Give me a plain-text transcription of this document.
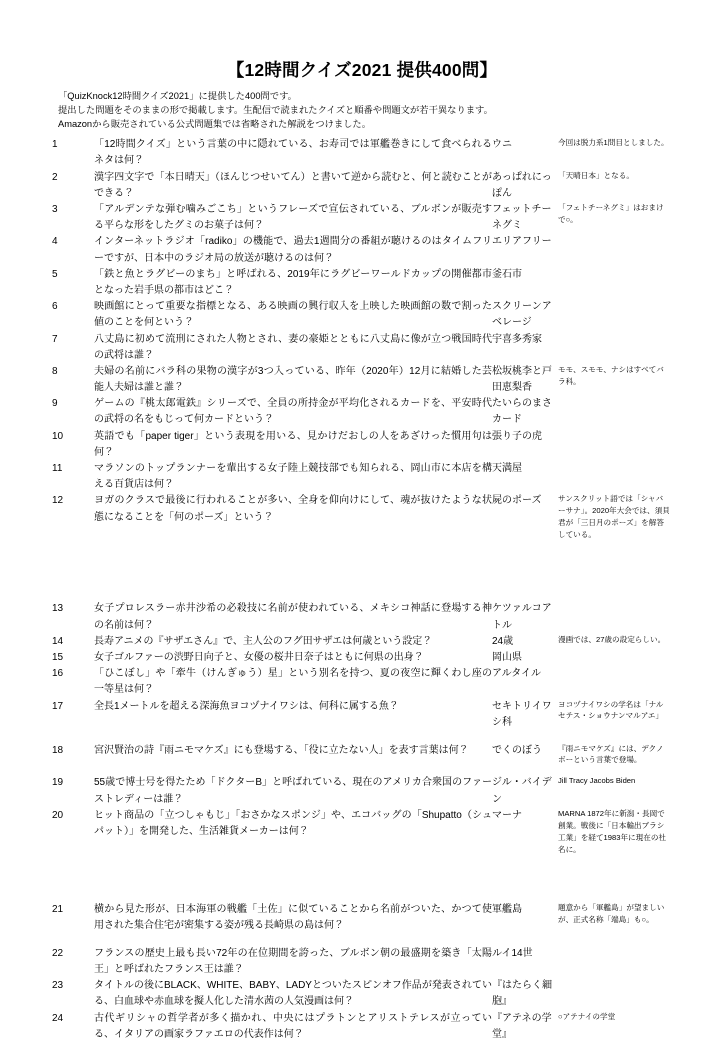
【12時間クイズ2021 提供400問】
「QuizKnock12時間クイズ2021」に提供した400問です。
提出した問題をそのままの形で掲載します。生配信で読まれたクイズと順番や問題文が若干異なります。
Amazonから販売されている公式問題集では省略された解説をつけました。
1	「12時間クイズ」という言葉の中に隠れている、お寿司では軍艦巻きにして食べられるネタは何？	ウニ	今回は脱力系1問目としました。
2	漢字四文字で「本日晴天」（ほんじつせいてん）と書いて逆から読むと、何と読むことができる？	あっぱれにっぽん	「天晴日本」となる。
3	「アルデンテな弾む噛みごこち」というフレーズで宣伝されている、ブルボンが販売する平らな形をしたグミのお菓子は何？	フェットチーネグミ	「フェトチーネグミ」はおまけで○。
4	インターネットラジオ「radiko」の機能で、過去1週間分の番組が聴けるのはタイムフリーですが、日本中のラジオ局の放送が聴けるのは何？	エリアフリー	
5	「鉄と魚とラグビーのまち」と呼ばれる、2019年にラグビーワールドカップの開催都市となった岩手県の都市はどこ？	釜石市	
6	映画館にとって重要な指標となる、ある映画の興行収入を上映した映画館の数で割った値のことを何という？	スクリーンアベレージ	
7	八丈島に初めて流刑にされた人物とされ、妻の豪姫とともに八丈島に像が立つ戦国時代の武将は誰？	宇喜多秀家	
8	夫婦の名前にバラ科の果物の漢字が3つ入っている、昨年（2020年）12月に結婚した芸能人夫婦は誰と誰？	松坂桃李と戸田恵梨香	モモ、スモモ、ナシはすべてバラ科。
9	ゲームの『桃太郎電鉄』シリーズで、全員の所持金が平均化されるカードを、平安時代の武将の名をもじって何カードという？	たいらのまさカード	
10	英語でも「paper tiger」という表現を用いる、見かけだおしの人をあざけった慣用句は何？	張り子の虎	
11	マラソンのトップランナーを輩出する女子陸上競技部でも知られる、岡山市に本店を構える百貨店は何？	天満屋	
12	ヨガのクラスで最後に行われることが多い、全身を仰向けにして、魂が抜けたような状態になることを「何のポーズ」という？	屍のポーズ	サンスクリット語では「シャバーサナ」。2020年大会では、須貝君が「三日月のポーズ」を解答している。
13	女子プロレスラー赤井沙希の必殺技に名前が使われている、メキシコ神話に登場する神の名前は何？	ケツァルコアトル	
14	長寿アニメの『サザエさん』で、主人公のフグ田サザエは何歳という設定？	24歳	漫画では、27歳の設定らしい。
15	女子ゴルファーの渋野日向子と、女優の桜井日奈子はともに何県の出身？	岡山県	
16	「ひこぼし」や「牽牛（けんぎゅう）星」という別名を持つ、夏の夜空に輝くわし座の一等星は何？	アルタイル	
17	全長1メートルを超える深海魚ヨコヅナイワシは、何科に属する魚？	セキトリイワシ科	ヨコヅナイワシの学名は「ナルセテス・ショウナンマルアエ」
18	宮沢賢治の詩『雨ニモマケズ』にも登場する、「役に立たない人」を表す言葉は何？	でくのぼう	『雨ニモマケズ』には、デクノボーという言葉で登場。
19	55歳で博士号を得たため「ドクターB」と呼ばれている、現在のアメリカ合衆国のファーストレディーは誰？	ジル・バイデン	Jill Tracy Jacobs Biden
20	ヒット商品の「立つしゃもじ」「おさかなスポンジ」や、エコバッグの「Shupatto（シュパット）」を開発した、生活雑貨メーカーは何？	マーナ	MARNA 1872年に新潟・長岡で創業。戦後に「日本輸出ブラシ工業」を経て1983年に現在の社名に。
21	横から見た形が、日本海軍の戦艦「土佐」に似ていることから名前がついた、かつて使用された集合住宅が密集する姿が残る長崎県の島は何？	軍艦島	題意から「軍艦島」が望ましいが、正式名称「端島」も○。
22	フランスの歴史上最も長い72年の在位期間を誇った、ブルボン朝の最盛期を築き「太陽王」と呼ばれたフランス王は誰？	ルイ14世	
23	タイトルの後にBLACK、WHITE、BABY、LADYとついたスピンオフ作品が発表されている、白血球や赤血球を擬人化した清水茜の人気漫画は何？	『はたらく細胞』	
24	古代ギリシャの哲学者が多く描かれ、中央にはプラトンとアリストテレスが立っている、イタリアの画家ラファエロの代表作は何？	『アテネの学堂』	○アテナイの学堂
